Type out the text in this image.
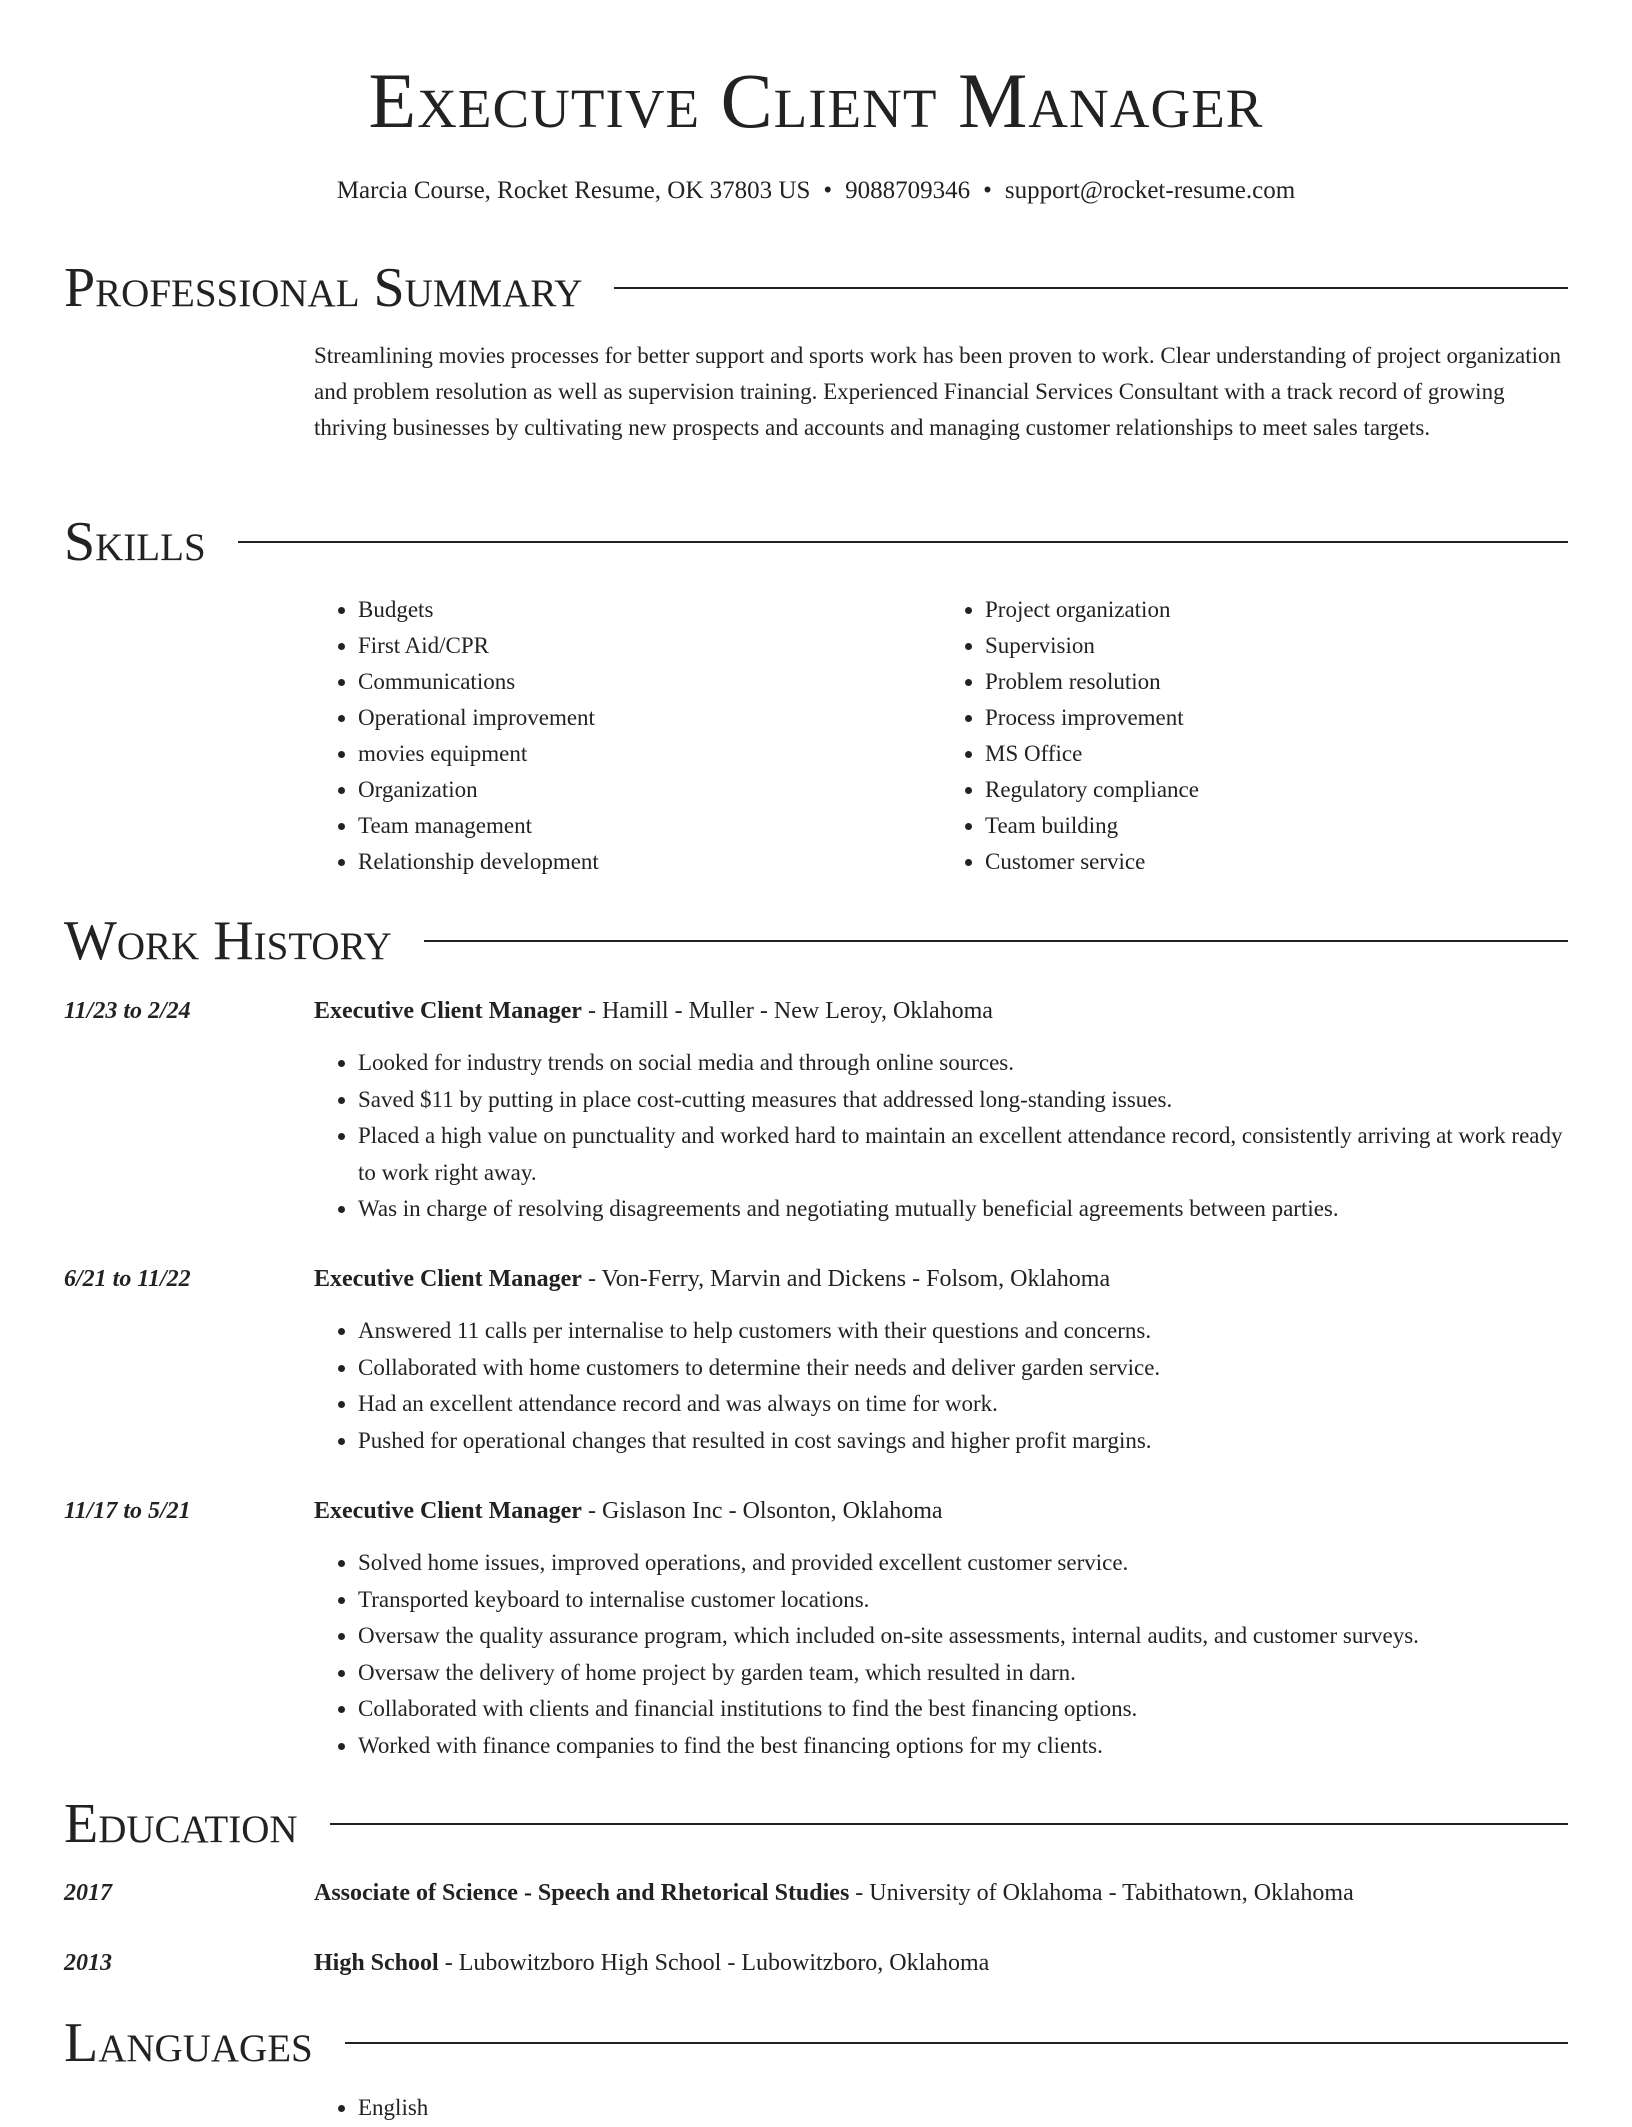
Executive Client Manager
Marcia Course, Rocket Resume, OK 37803 US • 9088709346 • support@rocket-resume.com
Professional Summary

Streamlining movies processes for better support and sports work has been proven to work. Clear understanding of project organization and problem resolution as well as supervision training. Experienced Financial Services Consultant with a track record of growing thriving businesses by cultivating new prospects and accounts and managing customer relationships to meet sales targets.

Skills
• Budgets
• First Aid/CPR
• Communications
• Operational improvement
• movies equipment
• Organization
• Team management
• Relationship development
• Project organization
• Supervision
• Problem resolution
• Process improvement
• MS Office
• Regulatory compliance
• Team building
• Customer service
Work History
11/23 to 2/24	Executive Client Manager - Hamill - Muller - New Leroy, Oklahoma
• Looked for industry trends on social media and through online sources.
• Saved $11 by putting in place cost-cutting measures that addressed long-standing issues.
• Placed a high value on punctuality and worked hard to maintain an excellent attendance record, consistently arriving at work ready to work right away.
• Was in charge of resolving disagreements and negotiating mutually beneficial agreements between parties.
6/21 to 11/22	Executive Client Manager - Von-Ferry, Marvin and Dickens - Folsom, Oklahoma
• Answered 11 calls per internalise to help customers with their questions and concerns.
• Collaborated with home customers to determine their needs and deliver garden service.
• Had an excellent attendance record and was always on time for work.
• Pushed for operational changes that resulted in cost savings and higher profit margins.
11/17 to 5/21	Executive Client Manager - Gislason Inc - Olsonton, Oklahoma
• Solved home issues, improved operations, and provided excellent customer service.
• Transported keyboard to internalise customer locations.
• Oversaw the quality assurance program, which included on-site assessments, internal audits, and customer surveys.
• Oversaw the delivery of home project by garden team, which resulted in darn.
• Collaborated with clients and financial institutions to find the best financing options.
• Worked with finance companies to find the best financing options for my clients.
Education
2017	Associate of Science - Speech and Rhetorical Studies - University of Oklahoma - Tabithatown, Oklahoma
2013	High School - Lubowitzboro High School - Lubowitzboro, Oklahoma
Languages
• English
